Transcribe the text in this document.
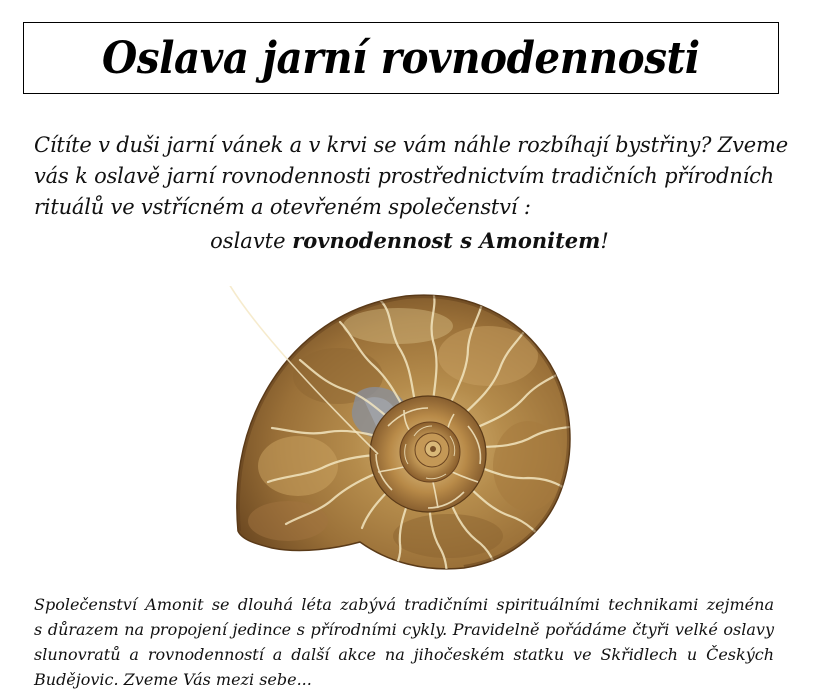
Oslava jarní rovnodennosti
Cítíte v duši jarní vánek a v krvi se vám náhle rozbíhají bystřiny? Zveme
vás k oslavě jarní rovnodennosti prostřednictvím tradičních přírodních
rituálů ve vstřícném a otevřeném společenství :
oslavte rovnodennost s Amonitem!
Společenství Amonit se dlouhá léta zabývá tradičními spirituálními technikami zejména
s důrazem na propojení jedince s přírodními cykly. Pravidelně pořádáme čtyři velké oslavy
slunovratů a rovnodenností a další akce na jihočeském statku ve Skřidlech u Českých
Budějovic. Zveme Vás mezi sebe...
